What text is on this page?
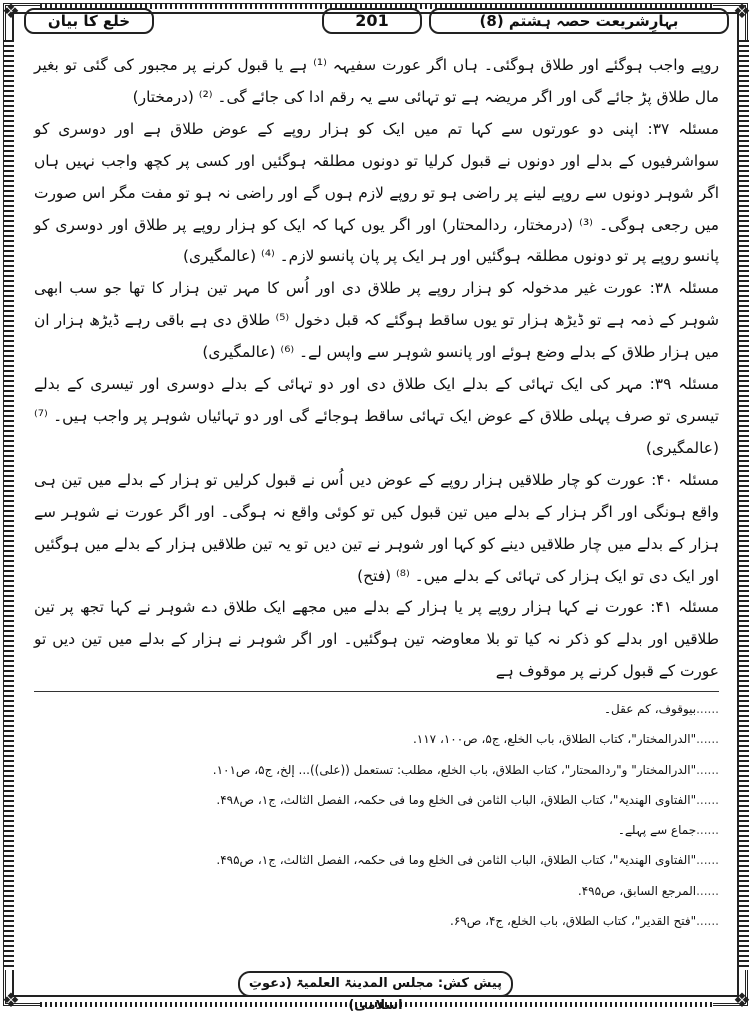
❖	❖
❖	❖
خلع کا بیان	201	بہارِشریعت حصہ ہشتم (8)

روپے واجب ہوگئے اور طلاق ہوگئی۔ ہاں اگر عورت سفیہہ ⁽¹⁾ ہے یا قبول کرنے پر مجبور کی گئی تو بغیر مال طلاق پڑ جائے گی اور اگر مریضہ ہے تو تہائی سے یہ رقم ادا کی جائے گی۔ ⁽²⁾ (درمختار)

مسئلہ ۳۷: اپنی دو عورتوں سے کہا تم میں ایک کو ہزار روپے کے عوض طلاق ہے اور دوسری کو سواشرفیوں کے بدلے اور دونوں نے قبول کرلیا تو دونوں مطلقہ ہوگئیں اور کسی پر کچھ واجب نہیں ہاں اگر شوہر دونوں سے روپے لینے پر راضی ہو تو روپے لازم ہوں گے اور راضی نہ ہو تو مفت مگر اس صورت میں رجعی ہوگی۔ ⁽³⁾ (درمختار، ردالمحتار) اور اگر یوں کہا کہ ایک کو ہزار روپے پر طلاق اور دوسری کو پانسو روپے پر تو دونوں مطلقہ ہوگئیں اور ہر ایک پر پان پانسو لازم۔ ⁽⁴⁾ (عالمگیری)

مسئلہ ۳۸: عورت غیر مدخولہ کو ہزار روپے پر طلاق دی اور اُس کا مہر تین ہزار کا تھا جو سب ابھی شوہر کے ذمہ ہے تو ڈیڑھ ہزار تو یوں ساقط ہوگئے کہ قبل دخول ⁽⁵⁾ طلاق دی ہے باقی رہے ڈیڑھ ہزار ان میں ہزار طلاق کے بدلے وضع ہوئے اور پانسو شوہر سے واپس لے۔ ⁽⁶⁾ (عالمگیری)

مسئلہ ۳۹: مہر کی ایک تہائی کے بدلے ایک طلاق دی اور دو تہائی کے بدلے دوسری اور تیسری کے بدلے تیسری تو صرف پہلی طلاق کے عوض ایک تہائی ساقط ہوجائے گی اور دو تہائیاں شوہر پر واجب ہیں۔ ⁽⁷⁾ (عالمگیری)

مسئلہ ۴۰: عورت کو چار طلاقیں ہزار روپے کے عوض دیں اُس نے قبول کرلیں تو ہزار کے بدلے میں تین ہی واقع ہونگی اور اگر ہزار کے بدلے میں تین قبول کیں تو کوئی واقع نہ ہوگی۔ اور اگر عورت نے شوہر سے ہزار کے بدلے میں چار طلاقیں دینے کو کہا اور شوہر نے تین دیں تو یہ تین طلاقیں ہزار کے بدلے میں ہوگئیں اور ایک دی تو ایک ہزار کی تہائی کے بدلے میں۔ ⁽⁸⁾ (فتح)

مسئلہ ۴۱: عورت نے کہا ہزار روپے پر یا ہزار کے بدلے میں مجھے ایک طلاق دے شوہر نے کہا تجھ پر تین طلاقیں اور بدلے کو ذکر نہ کیا تو بلا معاوضہ تین ہوگئیں۔ اور اگر شوہر نے ہزار کے بدلے میں تین دیں تو عورت کے قبول کرنے پر موقوف ہے

......بیوقوف، کم عقل۔
......"الدرالمختار"، کتاب الطلاق، باب الخلع، ج۵، ص۱۰۰، ۱۱۷.
......"الدرالمختار" و"ردالمحتار"، کتاب الطلاق، باب الخلع، مطلب: تستعمل ((علی))... إلخ، ج۵، ص۱۰۱.
......"الفتاوی الھندیۃ"، کتاب الطلاق، الباب الثامن فی الخلع وما فی حکمہ، الفصل الثالث، ج۱، ص۴۹۸.
......جماع سے پہلے۔
......"الفتاوی الھندیۃ"، کتاب الطلاق، الباب الثامن فی الخلع وما فی حکمہ، الفصل الثالث، ج۱، ص۴۹۵.
......المرجع السابق، ص۴۹۵.
......"فتح القدیر"، کتاب الطلاق، باب الخلع، ج۴، ص۶۹.
پیش کش: مجلس المدینۃ العلمیۃ (دعوتِ اسلامی)
